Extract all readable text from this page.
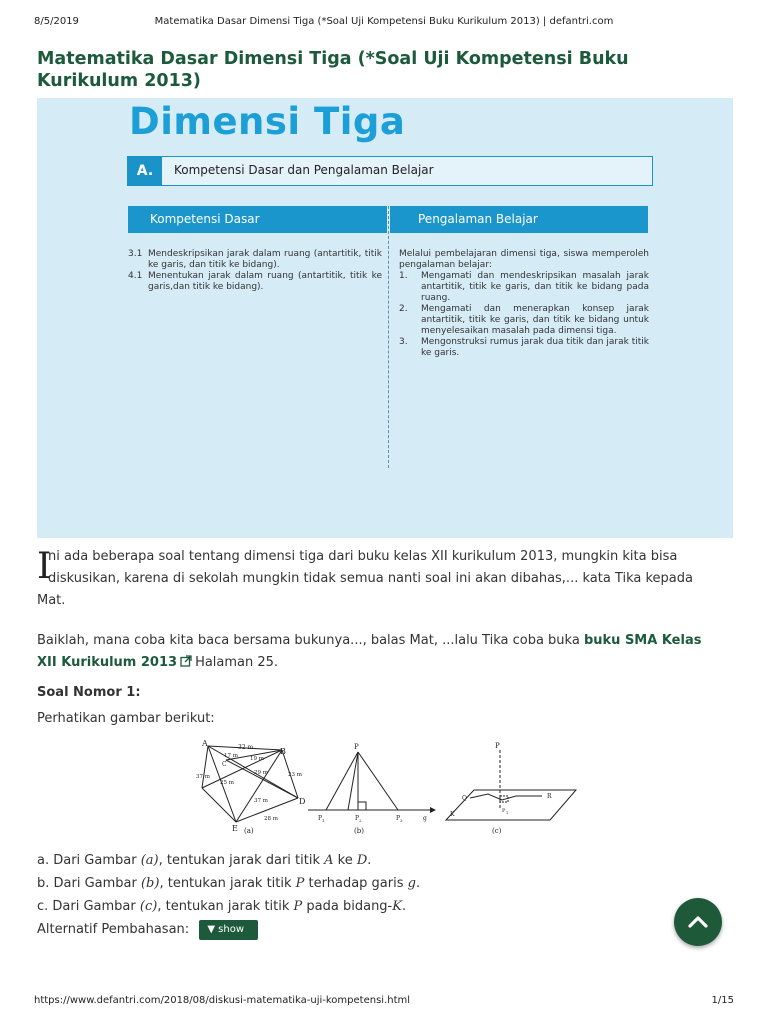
8/5/2019	Matematika Dasar Dimensi Tiga (*Soal Uji Kompetensi Buku Kurikulum 2013) | defantri.com
Matematika Dasar Dimensi Tiga (*Soal Uji Kompetensi Buku Kurikulum 2013)
Dimensi Tiga
A.	Kompetensi Dasar dan Pengalaman Belajar
Kompetensi Dasar	Pengalaman Belajar
3.1 Mendeskripsikan jarak dalam ruang (antartitik, titik ke garis, dan titik ke bidang).
4.1 Menentukan jarak dalam ruang (antartitik, titik ke garis,dan titik ke bidang).
Melalui pembelajaran dimensi tiga, siswa memperoleh pengalaman belajar:
1.	Mengamati dan mendeskripsikan masalah jarak antartitik, titik ke garis, dan titik ke bidang pada ruang.
2.	Mengamati dan menerapkan konsep jarak antartitik, titik ke garis, dan titik ke bidang untuk menyelesaikan masalah pada dimensi tiga.
3.	Mengonstruksi rumus jarak dua titik dan jarak titik ke garis.
I
ni ada beberapa soal tentang dimensi tiga dari buku kelas XII kurikulum 2013, mungkin kita bisa
diskusikan, karena di sekolah mungkin tidak semua nanti soal ini akan dibahas,... kata Tika kepada
Mat.
Baiklah, mana coba kita baca bersama bukunya..., balas Mat, ...lalu Tika coba buka buku SMA Kelas
XII Kurikulum 2013 Halaman 25.
Soal Nomor 1:
Perhatikan gambar berikut:
A
B
C
D
E
32 m
17 m 19 m
29 m
37 m
25 m
23 m
37 m
28 m
(a)
P
P 1	P 2	P 3	g
(b)
P
Q	R
K	P 1
(c)
a. Dari Gambar (a), tentukan jarak dari titik A ke D.
b. Dari Gambar (b), tentukan jarak titik P terhadap garis g.
c. Dari Gambar (c), tentukan jarak titik P pada bidang-K.
Alternatif Pembahasan: ▼ show
https://www.defantri.com/2018/08/diskusi-matematika-uji-kompetensi.html	1/15
